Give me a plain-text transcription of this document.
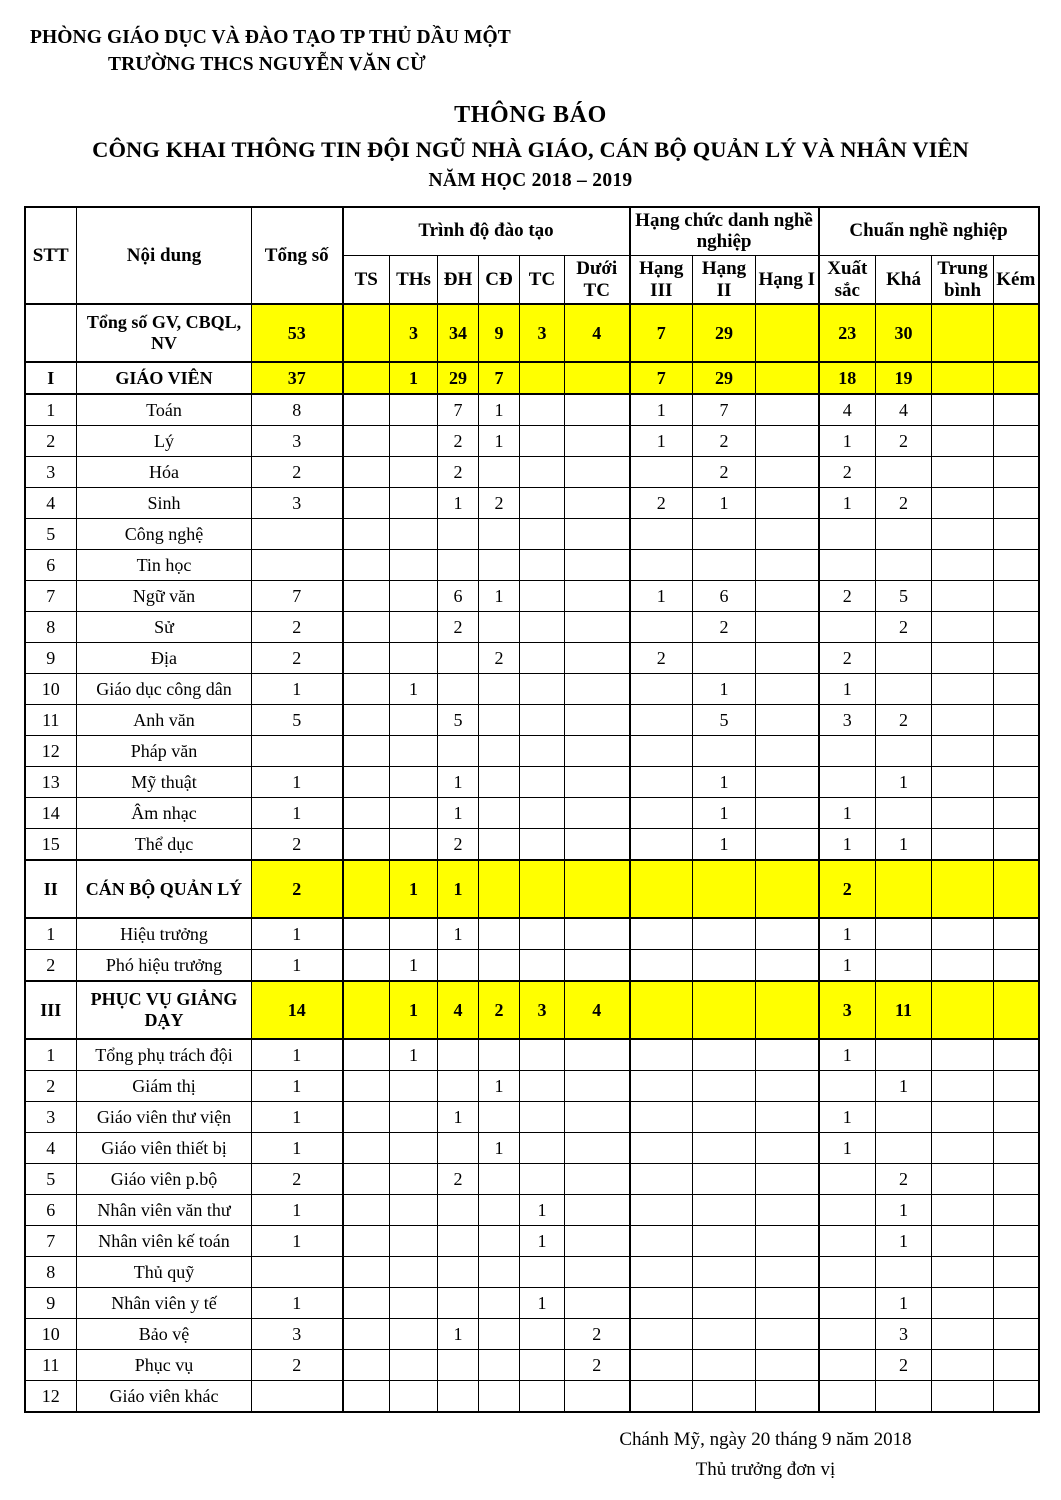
PHÒNG GIÁO DỤC VÀ ĐÀO TẠO TP THỦ DẦU MỘT
TRƯỜNG THCS NGUYỄN VĂN CỪ
THÔNG BÁO
CÔNG KHAI THÔNG TIN ĐỘI NGŨ NHÀ GIÁO, CÁN BỘ QUẢN LÝ VÀ NHÂN VIÊN
NĂM HỌC 2018 – 2019
STT	Nội dung	Tổng số	Trình độ đào tạo						Hạng chức danh nghề nghiệp			Chuẩn nghề nghiệp			
			TS	THs	ĐH	CĐ	TC	Dưới TC	Hạng III	Hạng II	Hạng I	Xuất sắc	Khá	Trung bình	Kém
	Tổng số GV, CBQL, NV	53		3	34	9	3	4	7	29		23	30		
I	GIÁO VIÊN	37		1	29	7			7	29		18	19		
1	Toán	8			7	1			1	7		4	4		
2	Lý	3			2	1			1	2		1	2		
3	Hóa	2			2					2		2			
4	Sinh	3			1	2			2	1		1	2		
5	Công nghệ														
6	Tin học														
7	Ngữ văn	7			6	1			1	6		2	5		
8	Sử	2			2					2			2		
9	Địa	2				2			2			2			
10	Giáo dục công dân	1		1						1		1			
11	Anh văn	5			5					5		3	2		
12	Pháp văn														
13	Mỹ thuật	1			1					1			1		
14	Âm nhạc	1			1					1		1			
15	Thể dục	2			2					1		1	1		
II	CÁN BỘ QUẢN LÝ	2		1	1							2			
1	Hiệu trưởng	1			1							1			
2	Phó hiệu trưởng	1		1								1			
III	PHỤC VỤ GIẢNG DẠY	14		1	4	2	3	4				3	11		
1	Tổng phụ trách đội	1		1								1			
2	Giám thị	1				1							1		
3	Giáo viên thư viện	1			1							1			
4	Giáo viên thiết bị	1				1						1			
5	Giáo viên p.bộ	2			2								2		
6	Nhân viên văn thư	1					1						1		
7	Nhân viên kế toán	1					1						1		
8	Thủ quỹ														
9	Nhân viên y tế	1					1						1		
10	Bảo vệ	3			1			2					3		
11	Phục vụ	2						2					2		
12	Giáo viên khác														
Chánh Mỹ, ngày 20 tháng 9 năm 2018
Thủ trưởng đơn vị
